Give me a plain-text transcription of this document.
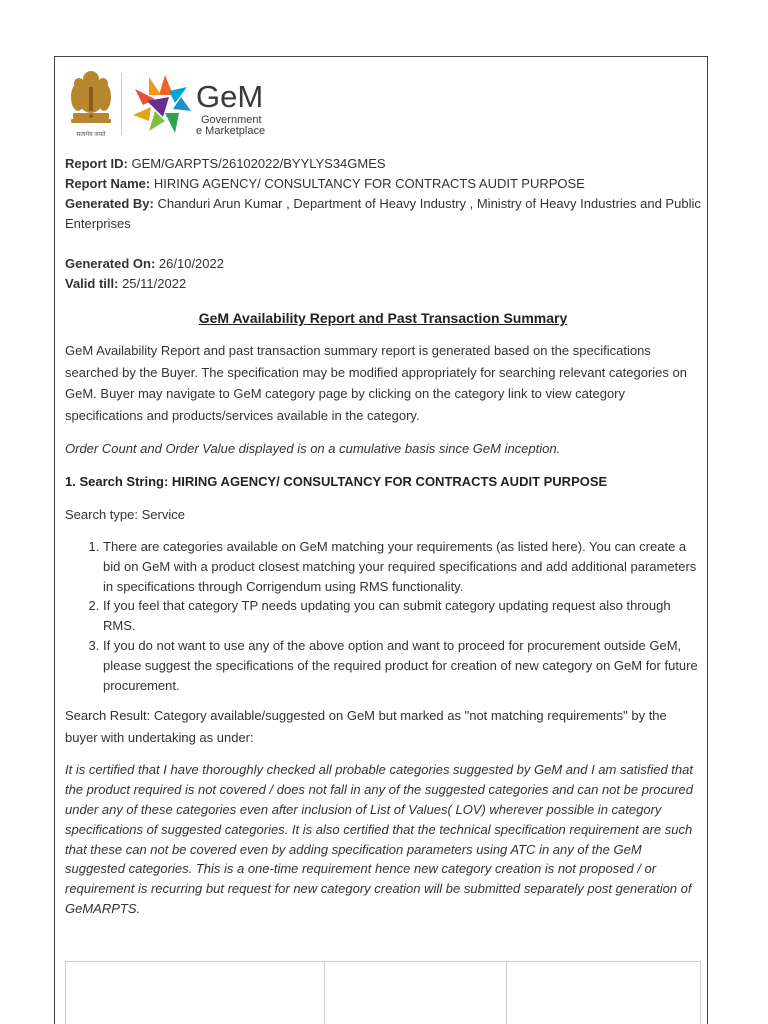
सत्यमेव जयते
GeM
Government
e Marketplace
Report ID: GEM/GARPTS/26102022/BYYLYS34GMES
Report Name: HIRING AGENCY/ CONSULTANCY FOR CONTRACTS AUDIT PURPOSE
Generated By: Chanduri Arun Kumar , Department of Heavy Industry , Ministry of Heavy Industries and Public Enterprises
Generated On: 26/10/2022
Valid till: 25/11/2022
GeM Availability Report and Past Transaction Summary

GeM Availability Report and past transaction summary report is generated based on the specifications searched by the Buyer. The specification may be modified appropriately for searching relevant categories on GeM. Buyer may navigate to GeM category page by clicking on the category link to view category specifications and products/services available in the category.

Order Count and Order Value displayed is on a cumulative basis since GeM inception.

1. Search String: HIRING AGENCY/ CONSULTANCY FOR CONTRACTS AUDIT PURPOSE

Search type: Service

1. There are categories available on GeM matching your requirements (as listed here). You can create a bid on GeM with a product closest matching your required specifications and add additional parameters in specifications through Corrigendum using RMS functionality.
2. If you feel that category TP needs updating you can submit category updating request also through RMS.
3. If you do not want to use any of the above option and want to proceed for procurement outside GeM, please suggest the specifications of the required product for creation of new category on GeM for future procurement.

Search Result: Category available/suggested on GeM but marked as "not matching requirements" by the buyer with undertaking as under:

It is certified that I have thoroughly checked all probable categories suggested by GeM and I am satisfied that the product required is not covered / does not fall in any of the suggested categories and can not be procured under any of these categories even after inclusion of List of Values( LOV) wherever possible in category specifications of suggested categories. It is also certified that the technical specification requirement are such that these can not be covered even by adding specification parameters using ATC in any of the GeM suggested categories. This is a one-time requirement hence new category creation is not proposed / or requirement is recurring but request for new category creation will be submitted separately post generation of GeMARPTS.
